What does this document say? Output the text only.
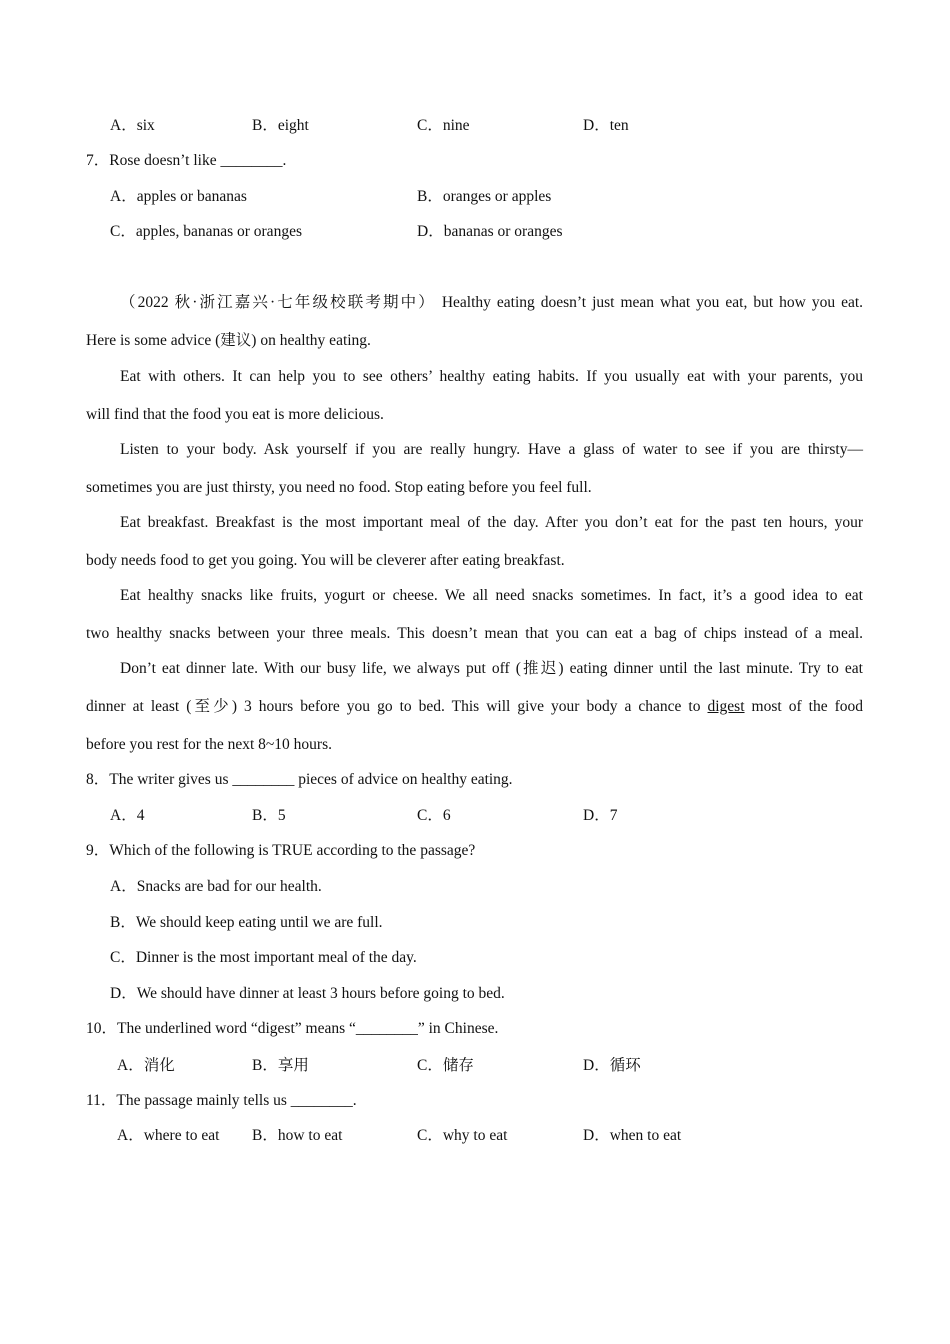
A．six	B．eight	C．nine	D．ten
7．Rose doesn’t like ________.
A．apples or bananas	B．oranges or apples
C．apples, bananas or oranges	D．bananas or oranges
（2022 秋·浙江嘉兴·七年级校联考期中） Healthy eating doesn’t just mean what you eat, but how you eat.
Here is some advice (建议) on healthy eating.
Eat with others. It can help you to see others’ healthy eating habits. If you usually eat with your parents, you
will find that the food you eat is more delicious.
Listen to your body. Ask yourself if you are really hungry. Have a glass of water to see if you are thirsty—
sometimes you are just thirsty, you need no food. Stop eating before you feel full.
Eat breakfast. Breakfast is the most important meal of the day. After you don’t eat for the past ten hours, your
body needs food to get you going. You will be cleverer after eating breakfast.
Eat healthy snacks like fruits, yogurt or cheese. We all need snacks sometimes. In fact, it’s a good idea to eat
two healthy snacks between your three meals. This doesn’t mean that you can eat a bag of chips instead of a meal.
Don’t eat dinner late. With our busy life, we always put off (推迟) eating dinner until the last minute. Try to eat
dinner at least (至少) 3 hours before you go to bed. This will give your body a chance to digest most of the food
before you rest for the next 8~10 hours.
8．The writer gives us ________ pieces of advice on healthy eating.
A．4	B．5	C．6	D．7
9．Which of the following is TRUE according to the passage?
A．Snacks are bad for our health.
B．We should keep eating until we are full.
C．Dinner is the most important meal of the day.
D．We should have dinner at least 3 hours before going to bed.
10．The underlined word “digest” means “________” in Chinese.
A．消化	B．享用	C．储存	D．循环
11．The passage mainly tells us ________.
A．where to eat B．how to eat	C．why to eat	D．when to eat
